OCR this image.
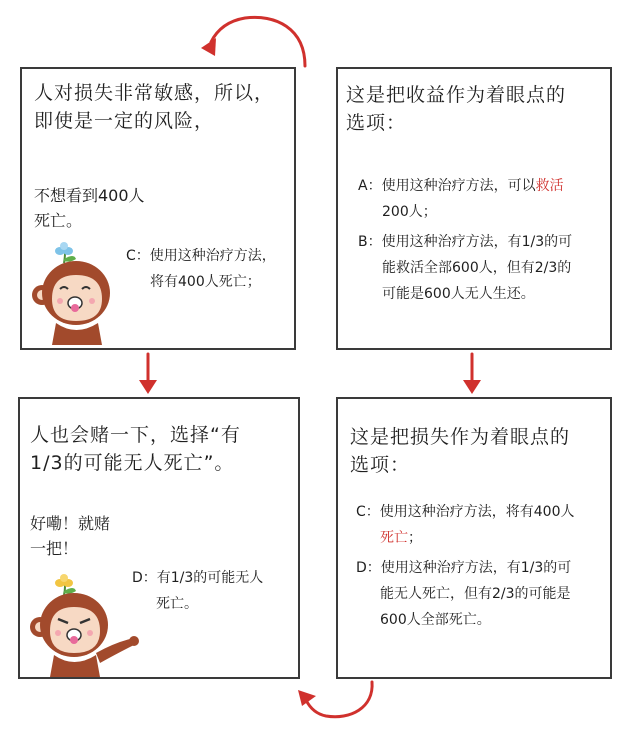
人对损失非常敏感，所以，
即使是一定的风险，
不想看到400人
死亡。
C：使用这种治疗方法，
将有400人死亡；
这是把收益作为着眼点的
选项：
A：使用这种治疗方法，可以救活
200人；
B：使用这种治疗方法，有1/3的可
能救活全部600人，但有2/3的
可能是600人无人生还。
人也会赌一下，选择“有
1/3的可能无人死亡”。
好嘞！就赌
一把！
D：有1/3的可能无人
死亡。
这是把损失作为着眼点的
选项：
C：使用这种治疗方法，将有400人
死亡；
D：使用这种治疗方法，有1/3的可
能无人死亡，但有2/3的可能是
600人全部死亡。
